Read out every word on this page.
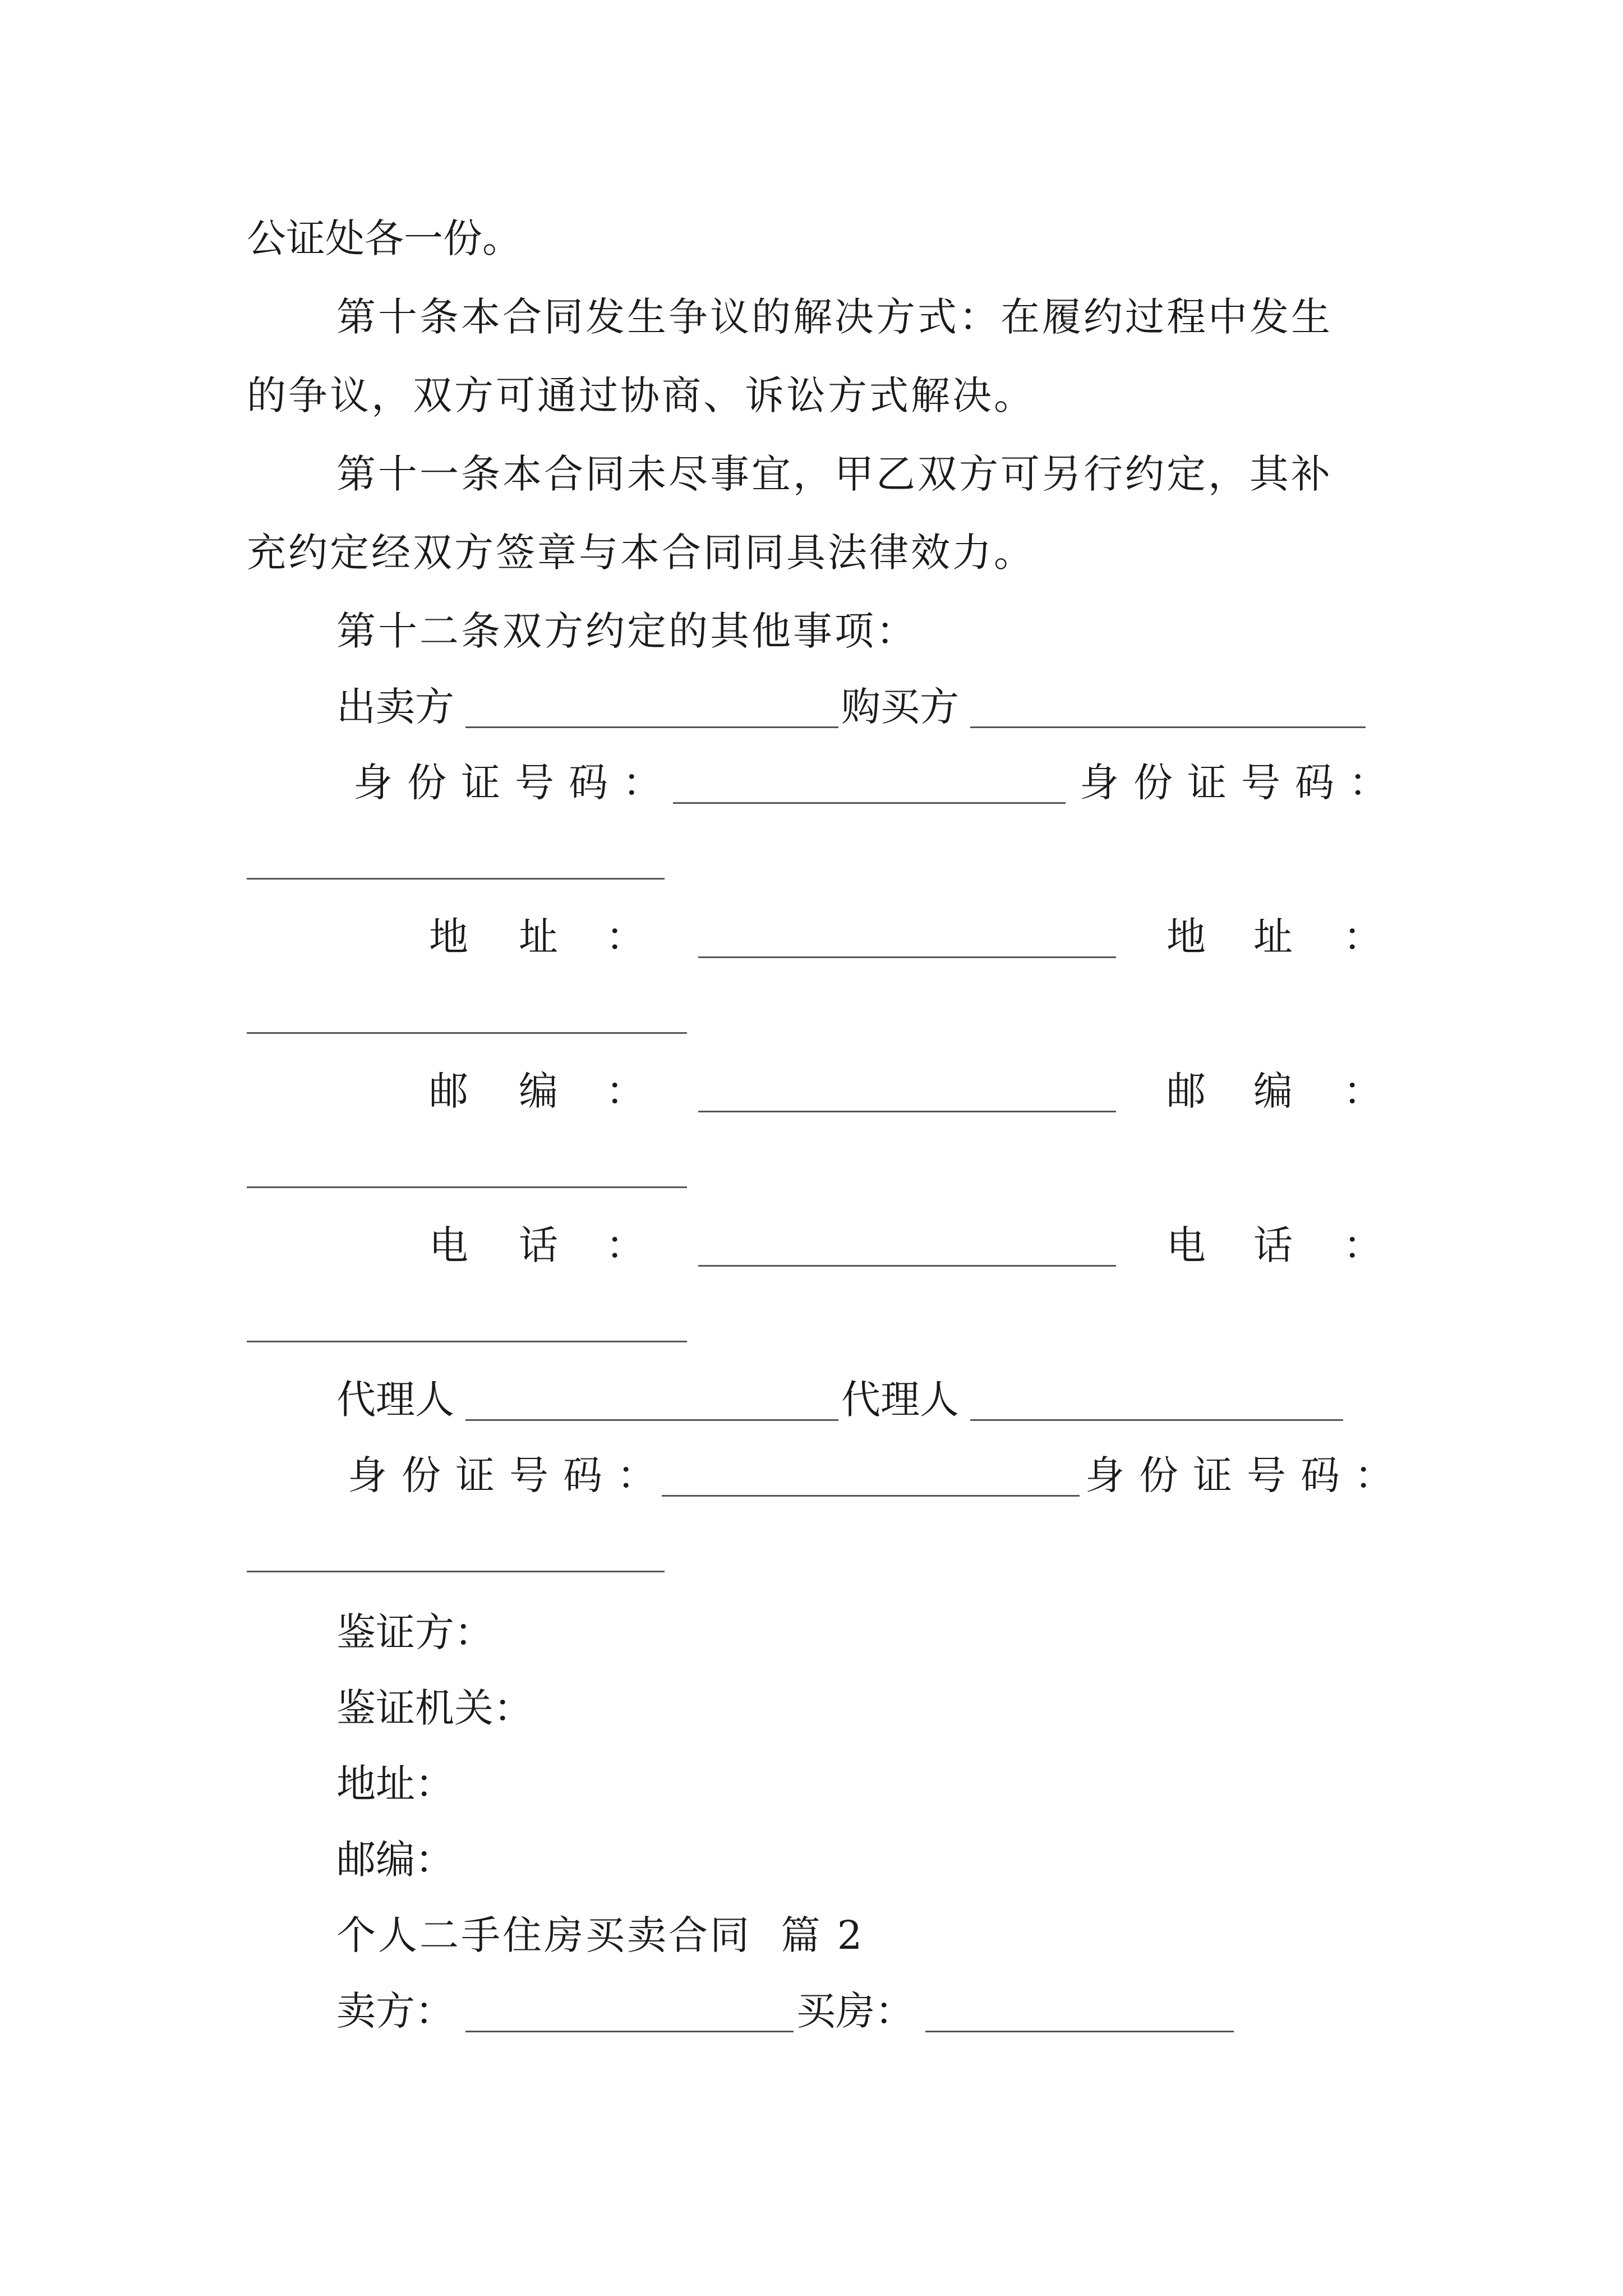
公证处各一份。
第十条本合同发生争议的解决方式：在履约过程中发生
的争议，双方可通过协商、诉讼方式解决。
第十一条本合同未尽事宜，甲乙双方可另行约定，其补
充约定经双方签章与本合同同具法律效力。
第十二条双方约定的其他事项：
出卖方	购买方
身份证号码：	身份证号码：
地 址 ：	地 址 ：
邮 编 ：	邮 编 ：
电 话 ：	电 话 ：
代理人	代理人
身份证号码：	身份证号码：
鉴证方：
鉴证机关：
地址：
邮编：
个人二手住房买卖合同  篇 2
卖方：	买房：
